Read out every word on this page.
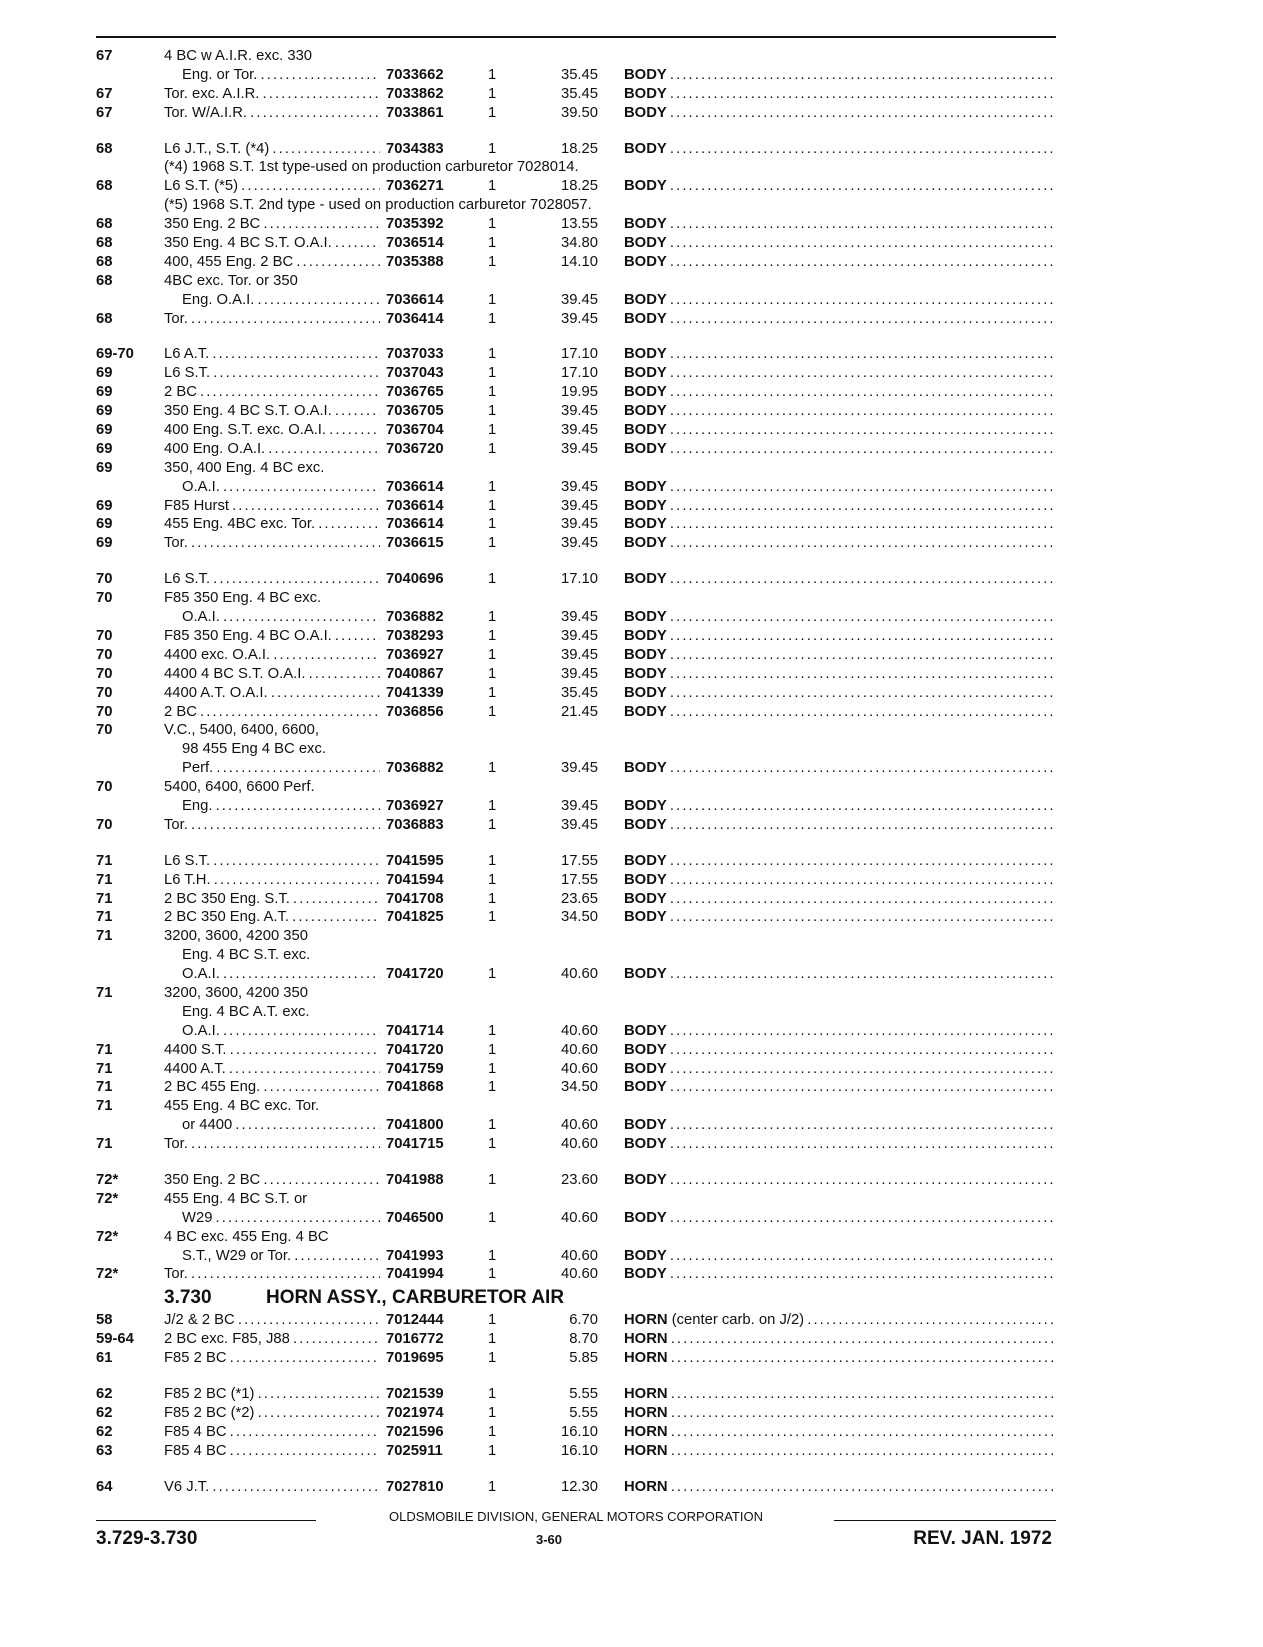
67	4 BC w A.I.R. exc. 330
Eng. or Tor. . . .	7033662	1	35.45 BODY . . .
67	Tor. exc. A.I.R. . . .	7033862	1	35.45 BODY . . .
67	Tor. W/A.I.R. . . .	7033861	1	39.50 BODY . . .
68	L6 J.T., S.T. (*4) . . .	7034383	1	18.25 BODY . . .
(*4) 1968 S.T. 1st type-used on production carburetor 7028014.
68	L6 S.T. (*5) . . .	7036271	1	18.25 BODY . . .
(*5) 1968 S.T. 2nd type - used on production carburetor 7028057.
68	350 Eng. 2 BC . . .	7035392	1	13.55 BODY . . .
68	350 Eng. 4 BC S.T. O.A.I. . . .	7036514	1	34.80 BODY . . .
68	400, 455 Eng. 2 BC . . .	7035388	1	14.10 BODY . . .
68	4BC exc. Tor. or 350
Eng. O.A.I. . . .	7036614	1	39.45 BODY . . .
68	Tor. . . .	7036414	1	39.45 BODY . . .
69-70	L6 A.T. . . .	7037033	1	17.10 BODY . . .
69	L6 S.T. . . .	7037043	1	17.10 BODY . . .
69	2 BC . . .	7036765	1	19.95 BODY . . .
69	350 Eng. 4 BC S.T. O.A.I. . . .	7036705	1	39.45 BODY . . .
69	400 Eng. S.T. exc. O.A.I. . . .	7036704	1	39.45 BODY . . .
69	400 Eng. O.A.I. . . .	7036720	1	39.45 BODY . . .
69	350, 400 Eng. 4 BC exc.
O.A.I. . . .	7036614	1	39.45 BODY . . .
69	F85 Hurst . . .	7036614	1	39.45 BODY . . .
69	455 Eng. 4BC exc. Tor. . . .	7036614	1	39.45 BODY . . .
69	Tor. . . .	7036615	1	39.45 BODY . . .
70	L6 S.T. . . .	7040696	1	17.10 BODY . . .
70	F85 350 Eng. 4 BC exc.
O.A.I. . . .	7036882	1	39.45 BODY . . .
70	F85 350 Eng. 4 BC O.A.I. . . .	7038293	1	39.45 BODY . . .
70	4400 exc. O.A.I. . . .	7036927	1	39.45 BODY . . .
70	4400 4 BC S.T. O.A.I. . . .	7040867	1	39.45 BODY . . .
70	4400 A.T. O.A.I. . . .	7041339	1	35.45 BODY . . .
70	2 BC . . .	7036856	1	21.45 BODY . . .
70	V.C., 5400, 6400, 6600,
98 455 Eng 4 BC exc.
Perf. . . .	7036882	1	39.45 BODY . . .
70	5400, 6400, 6600 Perf.
Eng. . . .	7036927	1	39.45 BODY . . .
70	Tor. . . .	7036883	1	39.45 BODY . . .
71	L6 S.T. . . .	7041595	1	17.55 BODY . . .
71	L6 T.H. . . .	7041594	1	17.55 BODY . . .
71	2 BC 350 Eng. S.T. . . .	7041708	1	23.65 BODY . . .
71	2 BC 350 Eng. A.T. . . .	7041825	1	34.50 BODY . . .
71	3200, 3600, 4200 350
Eng. 4 BC S.T. exc.
O.A.I. . . .	7041720	1	40.60 BODY . . .
71	3200, 3600, 4200 350
Eng. 4 BC A.T. exc.
O.A.I. . . .	7041714	1	40.60 BODY . . .
71	4400 S.T. . . .	7041720	1	40.60 BODY . . .
71	4400 A.T. . . .	7041759	1	40.60 BODY . . .
71	2 BC 455 Eng. . . .	7041868	1	34.50 BODY . . .
71	455 Eng. 4 BC exc. Tor.
or 4400 . . .	7041800	1	40.60 BODY . . .
71	Tor. . . .	7041715	1	40.60 BODY . . .
72*	350 Eng. 2 BC . . .	7041988	1	23.60 BODY . . .
72*	455 Eng. 4 BC S.T. or
W29 . . .	7046500	1	40.60 BODY . . .
72*	4 BC exc. 455 Eng. 4 BC
S.T., W29 or Tor. . . .	7041993	1	40.60 BODY . . .
72*	Tor. . . .	7041994	1	40.60 BODY . . .
3.730	HORN ASSY., CARBURETOR AIR
58	J/2 & 2 BC . . .	7012444	1	6.70 HORN (center carb. on J/2) . . .
59-64	2 BC exc. F85, J88 . . .	7016772	1	8.70 HORN . . .
61	F85 2 BC . . .	7019695	1	5.85 HORN . . .
62	F85 2 BC (*1) . . .	7021539	1	5.55 HORN . . .
62	F85 2 BC (*2) . . .	7021974	1	5.55 HORN . . .
62	F85 4 BC . . .	7021596	1	16.10 HORN . . .
63	F85 4 BC . . .	7025911	1	16.10 HORN . . .
64	V6 J.T. . . .	7027810	1	12.30 HORN . . .
OLDSMOBILE DIVISION, GENERAL MOTORS CORPORATION
3.729-3.730	3-60	REV. JAN. 1972
